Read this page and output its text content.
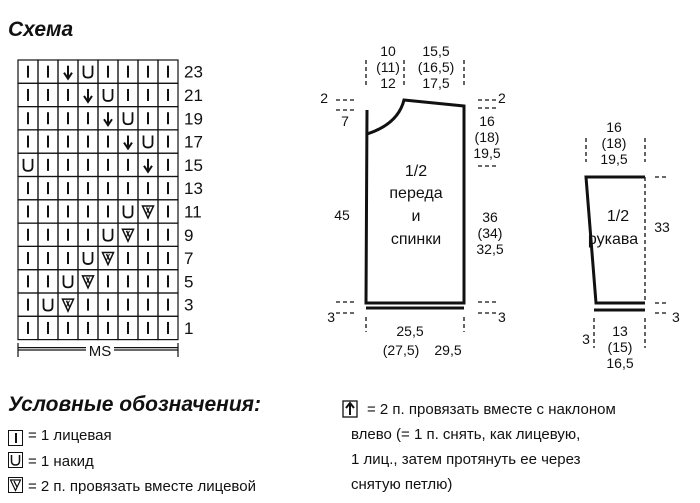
Схема
23
21
19
17
15
13
11
9
7
5
3
1
MS
10
(11)
12
15,5
(16,5)
17,5
2
7
2
16
(18)
19,5
1/2
переда
и
спинки
45	36
(34)
32,5
3	3
25,5
(27,5) 29,5
16
(18)
19,5
1/2
рукава
33
3
3 13
(15)
16,5
Условные обозначения:
= 1 лицевая
= 1 накид
= 2 п. провязать вместе лицевой
= 2 п. провязать вместе с наклоном
влево (= 1 п. снять, как лицевую,
1 лиц., затем протянуть ее через
снятую петлю)
